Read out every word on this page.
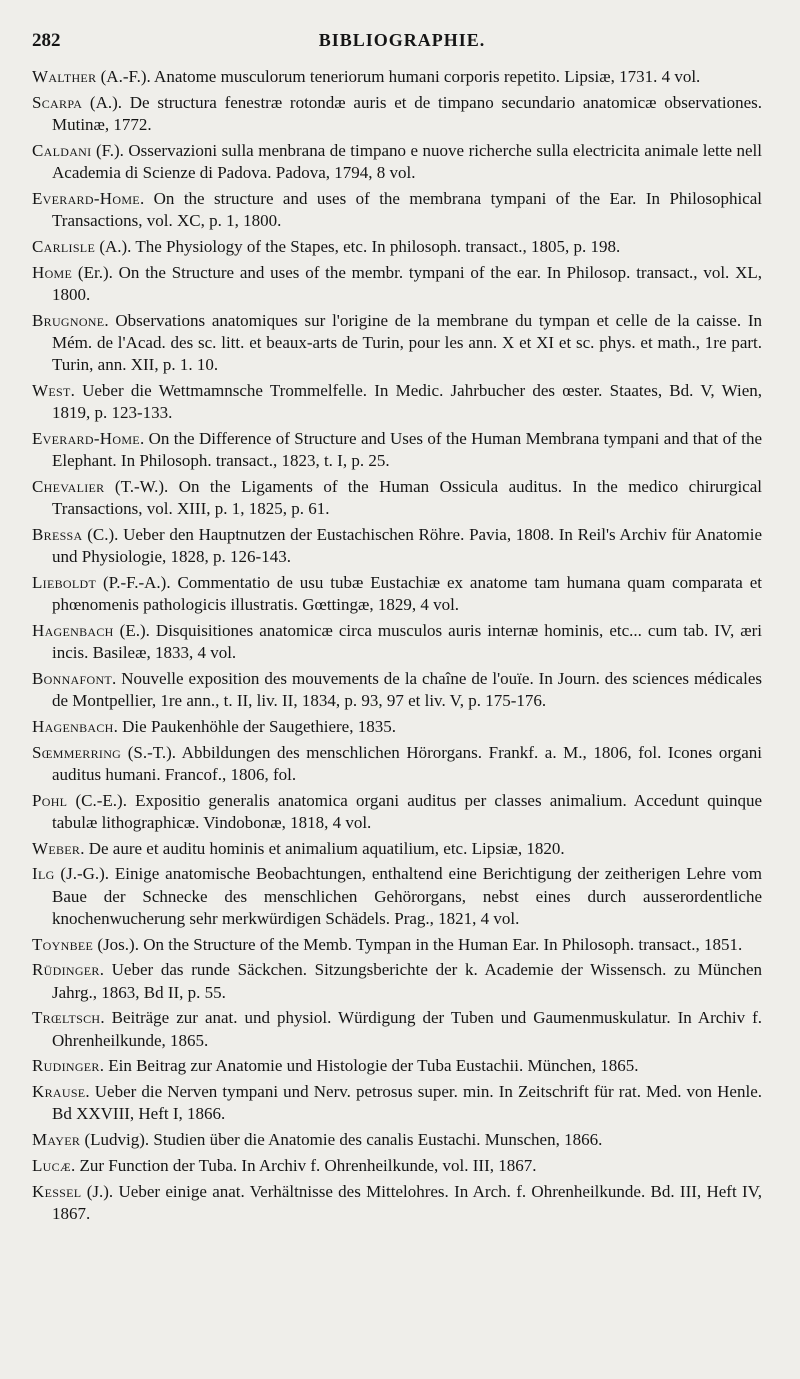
282	BIBLIOGRAPHIE.

Walther (A.-F.). Anatome musculorum teneriorum humani corporis repetito. Lipsiæ, 1731. 4 vol.

Scarpa (A.). De structura fenestræ rotondæ auris et de timpano secundario anatomicæ observationes. Mutinæ, 1772.

Caldani (F.). Osservazioni sulla menbrana de timpano e nuove richerche sulla electricita animale lette nell Academia di Scienze di Padova. Padova, 1794, 8 vol.

Everard-Home. On the structure and uses of the membrana tympani of the Ear. In Philosophical Transactions, vol. XC, p. 1, 1800.

Carlisle (A.). The Physiology of the Stapes, etc. In philosoph. transact., 1805, p. 198.

Home (Er.). On the Structure and uses of the membr. tympani of the ear. In Philosop. transact., vol. XL, 1800.

Brugnone. Observations anatomiques sur l'origine de la membrane du tympan et celle de la caisse. In Mém. de l'Acad. des sc. litt. et beaux-arts de Turin, pour les ann. X et XI et sc. phys. et math., 1re part. Turin, ann. XII, p. 1. 10.

West. Ueber die Wettmamnsche Trommelfelle. In Medic. Jahrbucher des œster. Staates, Bd. V, Wien, 1819, p. 123-133.

Everard-Home. On the Difference of Structure and Uses of the Human Membrana tympani and that of the Elephant. In Philosoph. transact., 1823, t. I, p. 25.

Chevalier (T.-W.). On the Ligaments of the Human Ossicula auditus. In the medico chirurgical Transactions, vol. XIII, p. 1, 1825, p. 61.

Bressa (C.). Ueber den Hauptnutzen der Eustachischen Röhre. Pavia, 1808. In Reil's Archiv für Anatomie und Physiologie, 1828, p. 126-143.

Lieboldt (P.-F.-A.). Commentatio de usu tubæ Eustachiæ ex anatome tam humana quam comparata et phœnomenis pathologicis illustratis. Gœttingæ, 1829, 4 vol.

Hagenbach (E.). Disquisitiones anatomicæ circa musculos auris internæ hominis, etc... cum tab. IV, æri incis. Basileæ, 1833, 4 vol.

Bonnafont. Nouvelle exposition des mouvements de la chaîne de l'ouïe. In Journ. des sciences médicales de Montpellier, 1re ann., t. II, liv. II, 1834, p. 93, 97 et liv. V, p. 175-176.

Hagenbach. Die Paukenhöhle der Saugethiere, 1835.

Sœmmerring (S.-T.). Abbildungen des menschlichen Hörorgans. Frankf. a. M., 1806, fol. Icones organi auditus humani. Francof., 1806, fol.

Pohl (C.-E.). Expositio generalis anatomica organi auditus per classes animalium. Accedunt quinque tabulæ lithographicæ. Vindobonæ, 1818, 4 vol.

Weber. De aure et auditu hominis et animalium aquatilium, etc. Lipsiæ, 1820.

Ilg (J.-G.). Einige anatomische Beobachtungen, enthaltend eine Berichtigung der zeitherigen Lehre vom Baue der Schnecke des menschlichen Gehörorgans, nebst eines durch ausserordentliche knochenwucherung sehr merkwürdigen Schädels. Prag., 1821, 4 vol.

Toynbee (Jos.). On the Structure of the Memb. Tympan in the Human Ear. In Philosoph. transact., 1851.

Rüdinger. Ueber das runde Säckchen. Sitzungsberichte der k. Academie der Wissensch. zu München Jahrg., 1863, Bd II, p. 55.

Trœltsch. Beiträge zur anat. und physiol. Würdigung der Tuben und Gaumenmuskulatur. In Archiv f. Ohrenheilkunde, 1865.

Rudinger. Ein Beitrag zur Anatomie und Histologie der Tuba Eustachii. München, 1865.

Krause. Ueber die Nerven tympani und Nerv. petrosus super. min. In Zeitschrift für rat. Med. von Henle. Bd XXVIII, Heft I, 1866.

Mayer (Ludvig). Studien über die Anatomie des canalis Eustachi. Munschen, 1866.

Lucæ. Zur Function der Tuba. In Archiv f. Ohrenheilkunde, vol. III, 1867.

Kessel (J.). Ueber einige anat. Verhältnisse des Mittelohres. In Arch. f. Ohrenheilkunde. Bd. III, Heft IV, 1867.
